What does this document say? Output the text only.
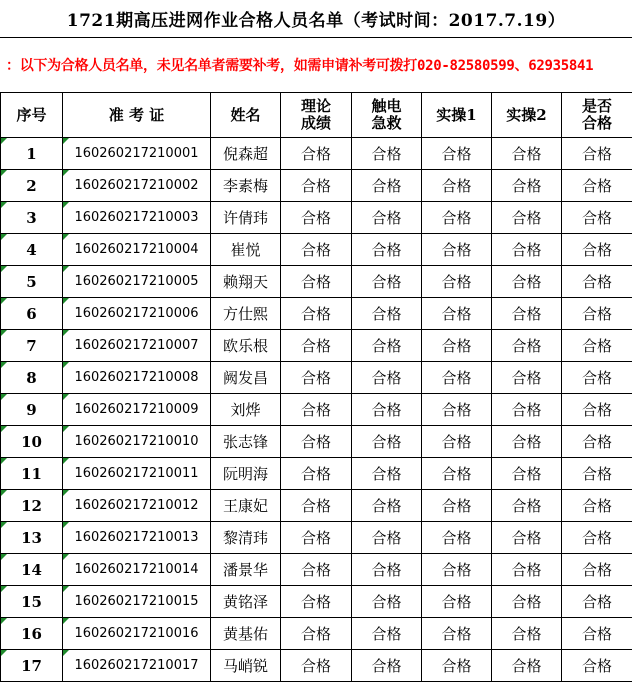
1721期高压进网作业合格人员名单（考试时间：2017.7.19）
：以下为合格人员名单，未见名单者需要补考，如需申请补考可拨打020-82580599、62935841
序号	准 考 证	姓名	理论成绩	触电急救	实操1	实操2	是否合格
1	160260217210001	倪森超	合格	合格	合格	合格	合格
2	160260217210002	李素梅	合格	合格	合格	合格	合格
3	160260217210003	许倩玮	合格	合格	合格	合格	合格
4	160260217210004	崔悦	合格	合格	合格	合格	合格
5	160260217210005	赖翔天	合格	合格	合格	合格	合格
6	160260217210006	方仕熙	合格	合格	合格	合格	合格
7	160260217210007	欧乐根	合格	合格	合格	合格	合格
8	160260217210008	阙发昌	合格	合格	合格	合格	合格
9	160260217210009	刘烨	合格	合格	合格	合格	合格
10	160260217210010	张志锋	合格	合格	合格	合格	合格
11	160260217210011	阮明海	合格	合格	合格	合格	合格
12	160260217210012	王康妃	合格	合格	合格	合格	合格
13	160260217210013	黎清玮	合格	合格	合格	合格	合格
14	160260217210014	潘景华	合格	合格	合格	合格	合格
15	160260217210015	黄铭泽	合格	合格	合格	合格	合格
16	160260217210016	黄基佑	合格	合格	合格	合格	合格
17	160260217210017	马峭锐	合格	合格	合格	合格	合格
